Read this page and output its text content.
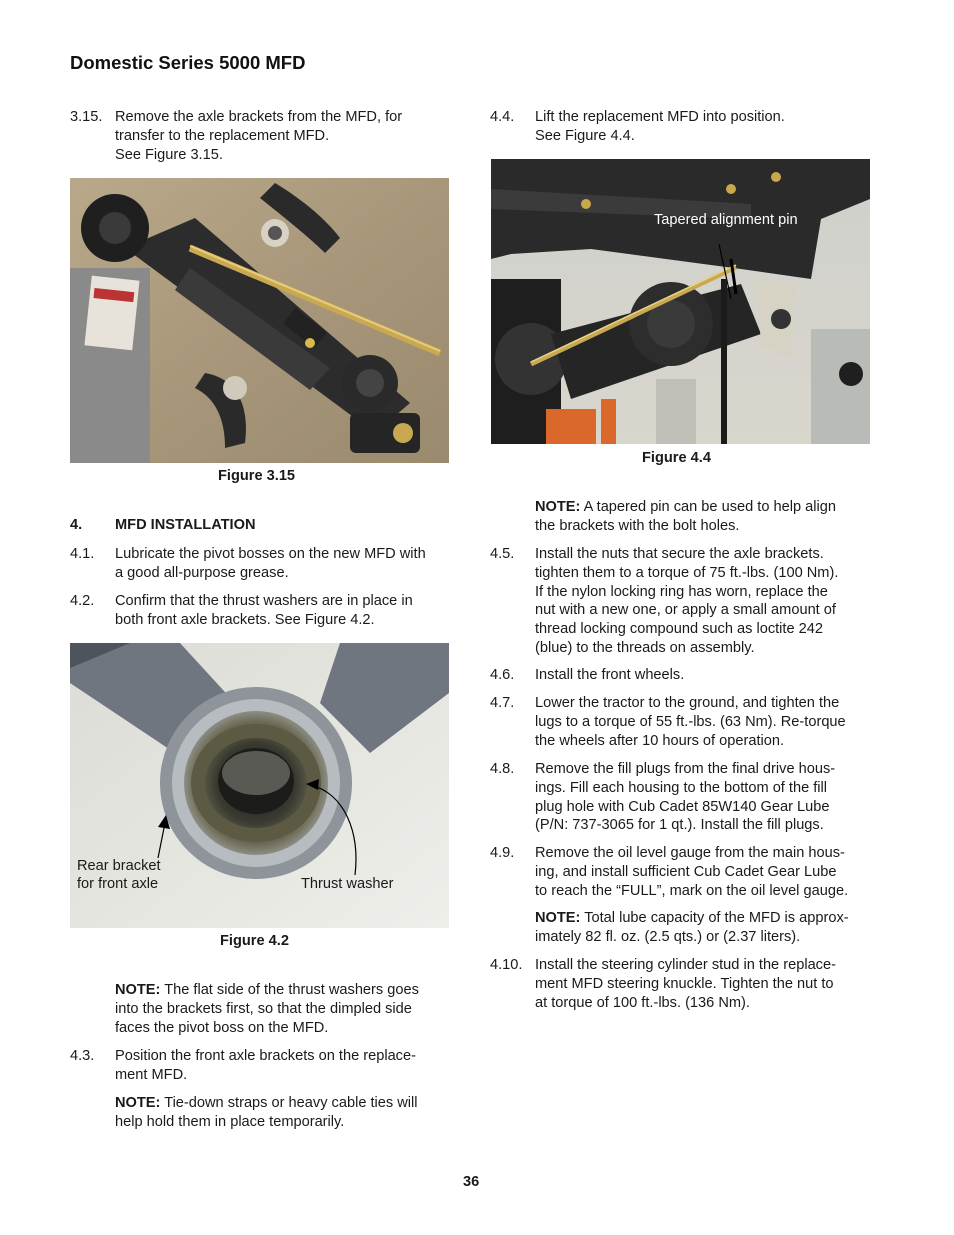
Domestic Series 5000 MFD
3.15. Remove the axle brackets from the MFD, for
transfer to the replacement MFD.
See Figure 3.15.
Figure 3.15
4. MFD INSTALLATION
4.1. Lubricate the pivot bosses on the new MFD with
a good all-purpose grease.
4.2. Confirm that the thrust washers are in place in
both front axle brackets. See Figure 4.2.
Rear bracket
for front axle	Thrust washer
Figure 4.2
NOTE: The flat side of the thrust washers goes
into the brackets first, so that the dimpled side
faces the pivot boss on the MFD.
4.3. Position the front axle brackets on the replace-
ment MFD.
NOTE: Tie-down straps or heavy cable ties will
help hold them in place temporarily.
4.4. Lift the replacement MFD into position.
See Figure 4.4.
Tapered alignment pin
Figure 4.4
NOTE: A tapered pin can be used to help align
the brackets with the bolt holes.
4.5. Install the nuts that secure the axle brackets.
tighten them to a torque of 75 ft.-lbs. (100 Nm).
If the nylon locking ring has worn, replace the
nut with a new one, or apply a small amount of
thread locking compound such as loctite 242
(blue) to the threads on assembly.
4.6. Install the front wheels.
4.7. Lower the tractor to the ground, and tighten the
lugs to a torque of 55 ft.-lbs. (63 Nm). Re-torque
the wheels after 10 hours of operation.
4.8. Remove the fill plugs from the final drive hous-
ings. Fill each housing to the bottom of the fill
plug hole with Cub Cadet 85W140 Gear Lube
(P/N: 737-3065 for 1 qt.). Install the fill plugs.
4.9. Remove the oil level gauge from the main hous-
ing, and install sufficient Cub Cadet Gear Lube
to reach the “FULL”, mark on the oil level gauge.
NOTE: Total lube capacity of the MFD is approx-
imately 82 fl. oz. (2.5 qts.) or (2.37 liters).
4.10. Install the steering cylinder stud in the replace-
ment MFD steering knuckle. Tighten the nut to
at torque of 100 ft.-lbs. (136 Nm).
36
